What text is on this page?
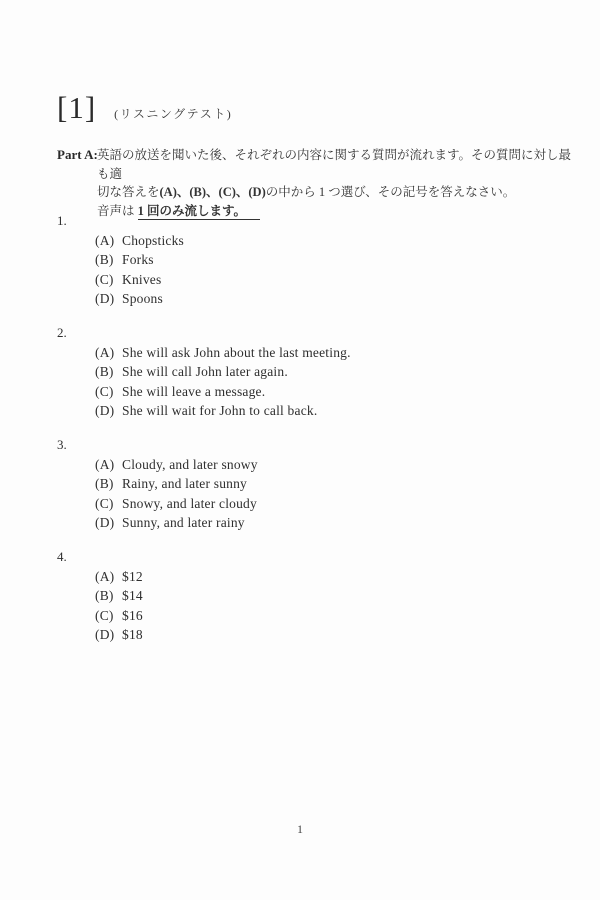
[1] (リスニングテスト)
Part A: 英語の放送を聞いた後、それぞれの内容に関する質問が流れます。その質問に対し最も適
切な答えを(A)、(B)、(C)、(D)の中から 1 つ選び、その記号を答えなさい。
音声は 1 回のみ流します。
1.
(A) Chopsticks
(B) Forks
(C) Knives
(D) Spoons
2.
(A) She will ask John about the last meeting.
(B) She will call John later again.
(C) She will leave a message.
(D) She will wait for John to call back.
3.
(A) Cloudy, and later snowy
(B) Rainy, and later sunny
(C) Snowy, and later cloudy
(D) Sunny, and later rainy
4.
(A) $12
(B) $14
(C) $16
(D) $18
1
